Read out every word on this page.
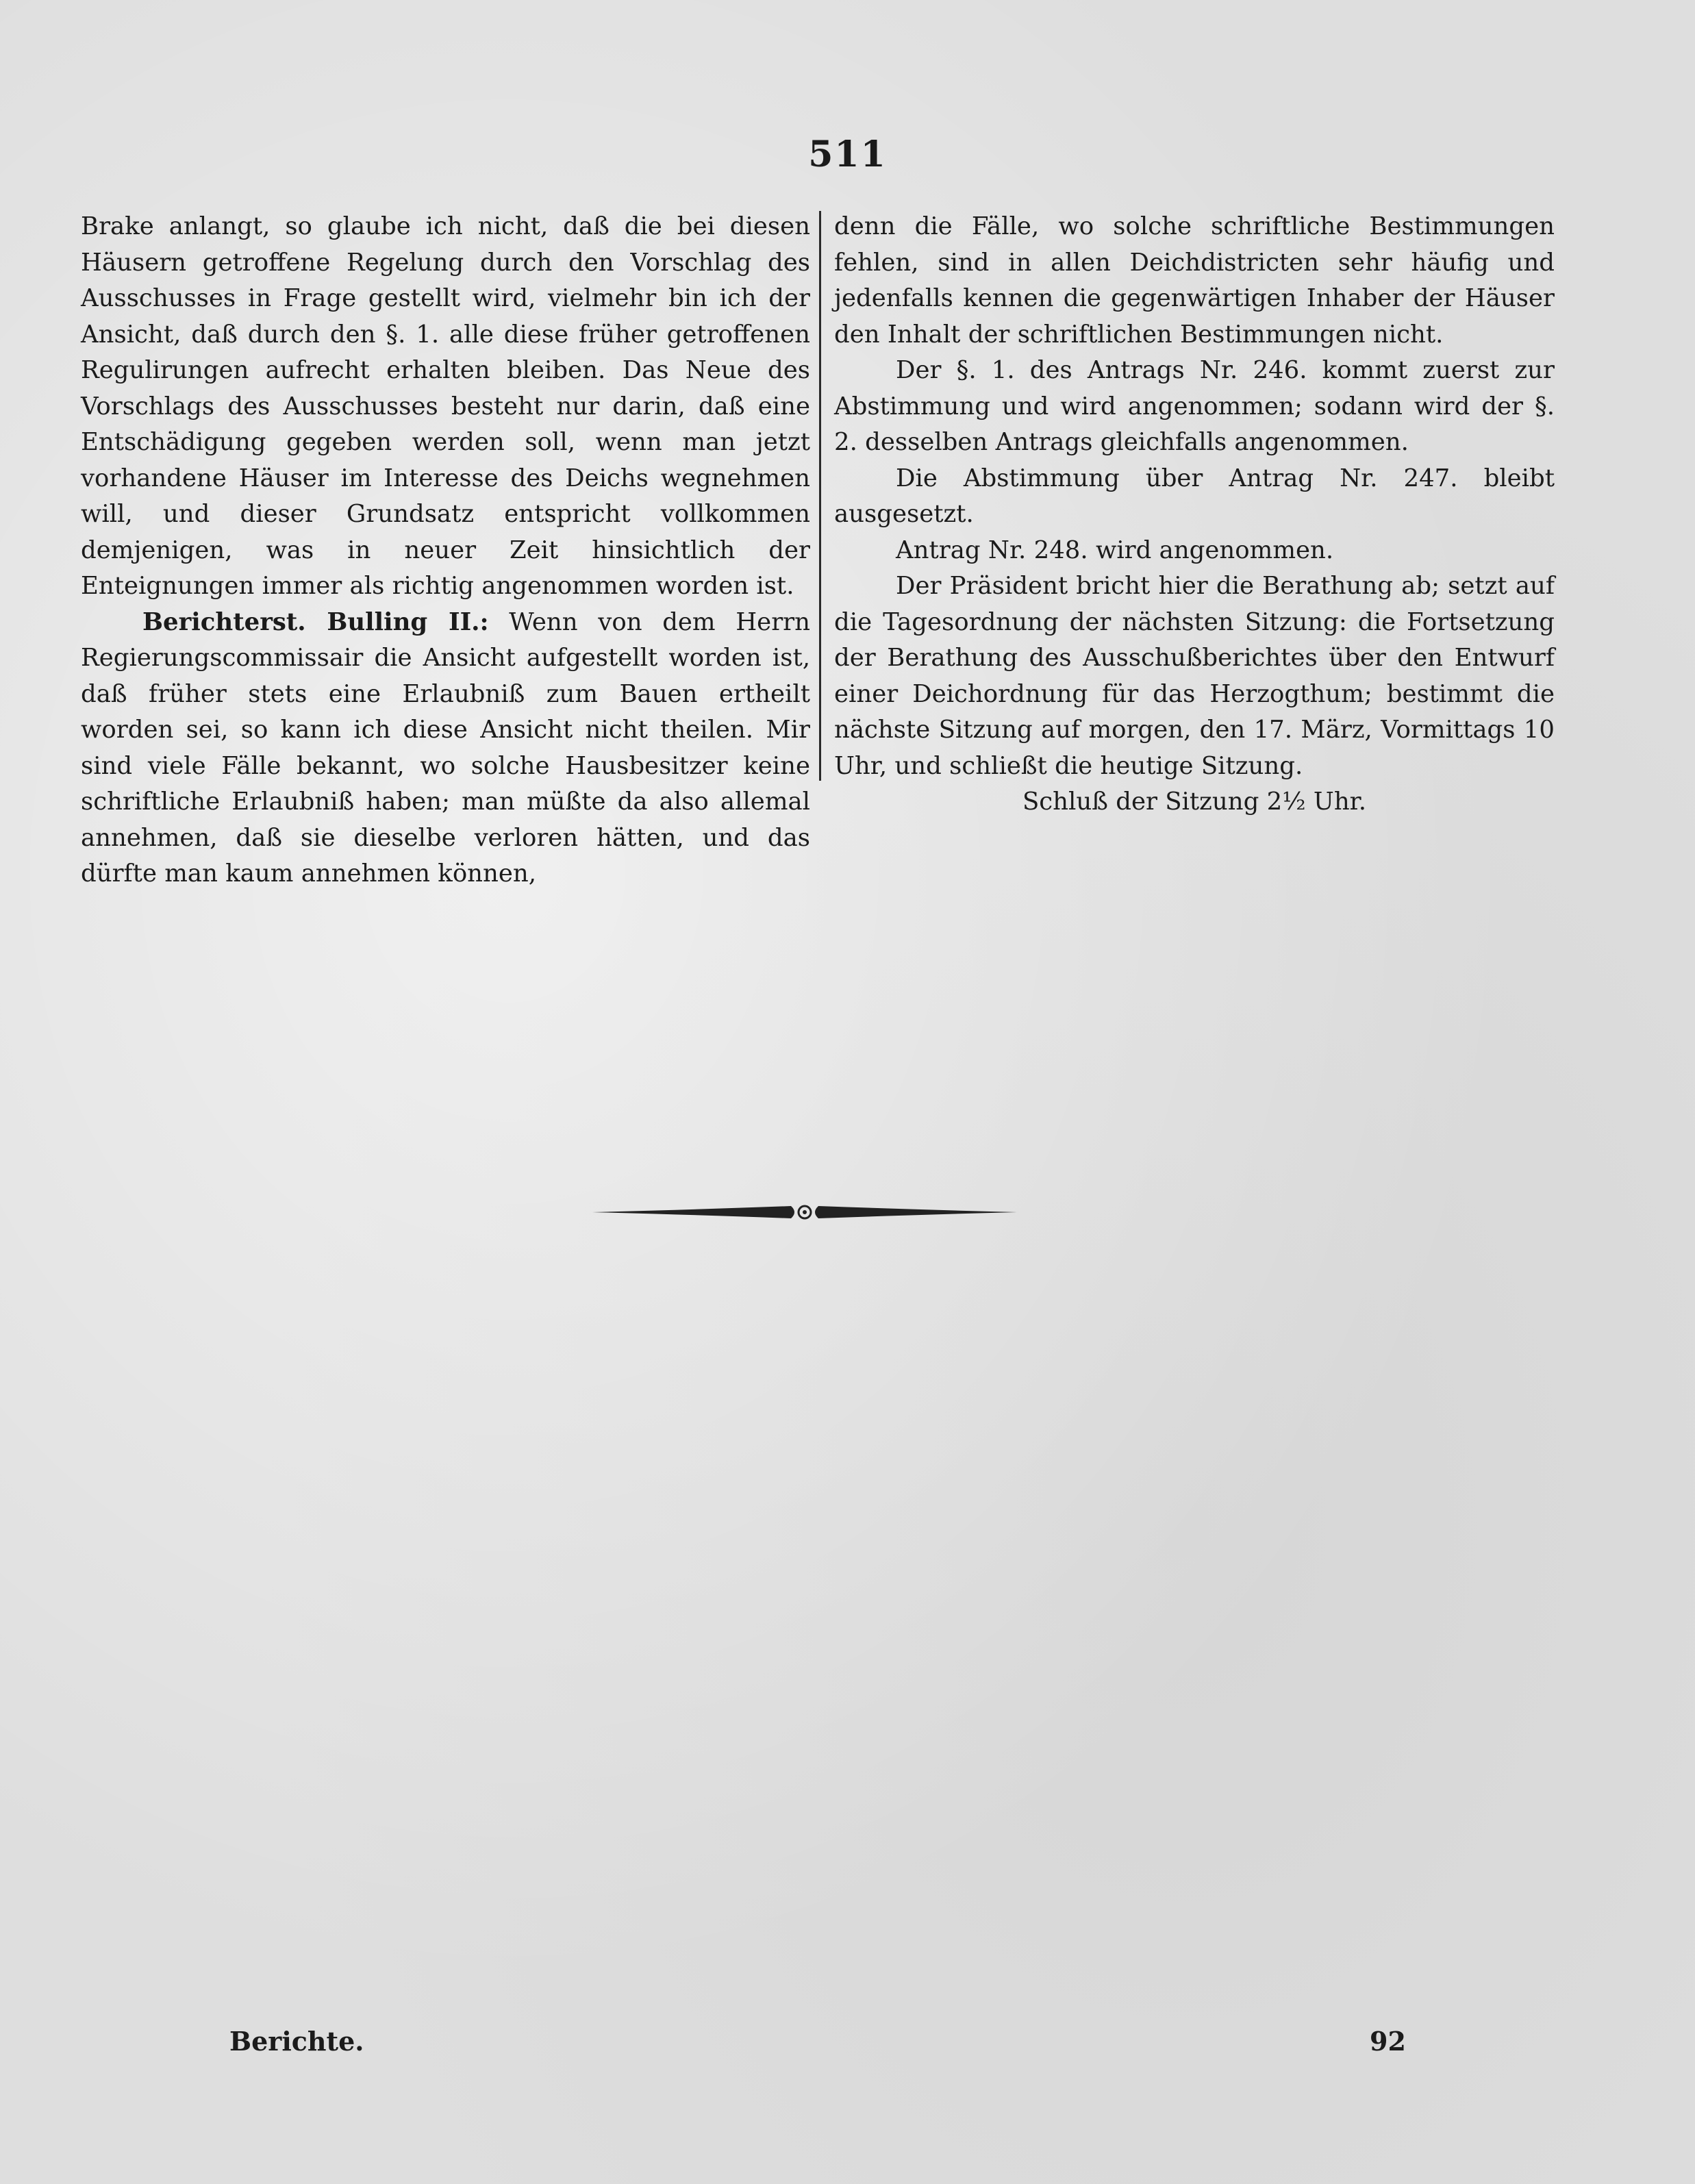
511

Brake anlangt, so glaube ich nicht, daß die bei diesen Häusern getroffene Regelung durch den Vorschlag des Ausschusses in Frage gestellt wird, vielmehr bin ich der Ansicht, daß durch den §. 1. alle diese früher getroffenen Regulirungen aufrecht erhalten bleiben. Das Neue des Vorschlags des Ausschusses besteht nur darin, daß eine Entschädigung gegeben werden soll, wenn man jetzt vorhandene Häuser im Interesse des Deichs wegnehmen will, und dieser Grundsatz entspricht vollkommen demjenigen, was in neuer Zeit hinsichtlich der Enteignungen immer als richtig angenommen worden ist.

Berichterst. Bulling II.: Wenn von dem Herrn Regierungscommissair die Ansicht aufgestellt worden ist, daß früher stets eine Erlaubniß zum Bauen ertheilt worden sei, so kann ich diese Ansicht nicht theilen. Mir sind viele Fälle bekannt, wo solche Hausbesitzer keine schriftliche Erlaubniß haben; man müßte da also allemal annehmen, daß sie dieselbe verloren hätten, und das dürfte man kaum annehmen können,

denn die Fälle, wo solche schriftliche Bestimmungen fehlen, sind in allen Deichdistricten sehr häufig und jedenfalls kennen die gegenwärtigen Inhaber der Häuser den Inhalt der schriftlichen Bestimmungen nicht.

Der §. 1. des Antrags Nr. 246. kommt zuerst zur Abstimmung und wird angenommen; sodann wird der §. 2. desselben Antrags gleichfalls angenommen.

Die Abstimmung über Antrag Nr. 247. bleibt ausgesetzt.

Antrag Nr. 248. wird angenommen.

Der Präsident bricht hier die Berathung ab; setzt auf die Tagesordnung der nächsten Sitzung: die Fortsetzung der Berathung des Ausschußberichtes über den Entwurf einer Deichordnung für das Herzogthum; bestimmt die nächste Sitzung auf morgen, den 17. März, Vormittags 10 Uhr, und schließt die heutige Sitzung.

Schluß der Sitzung 2½ Uhr.

Berichte.	92
